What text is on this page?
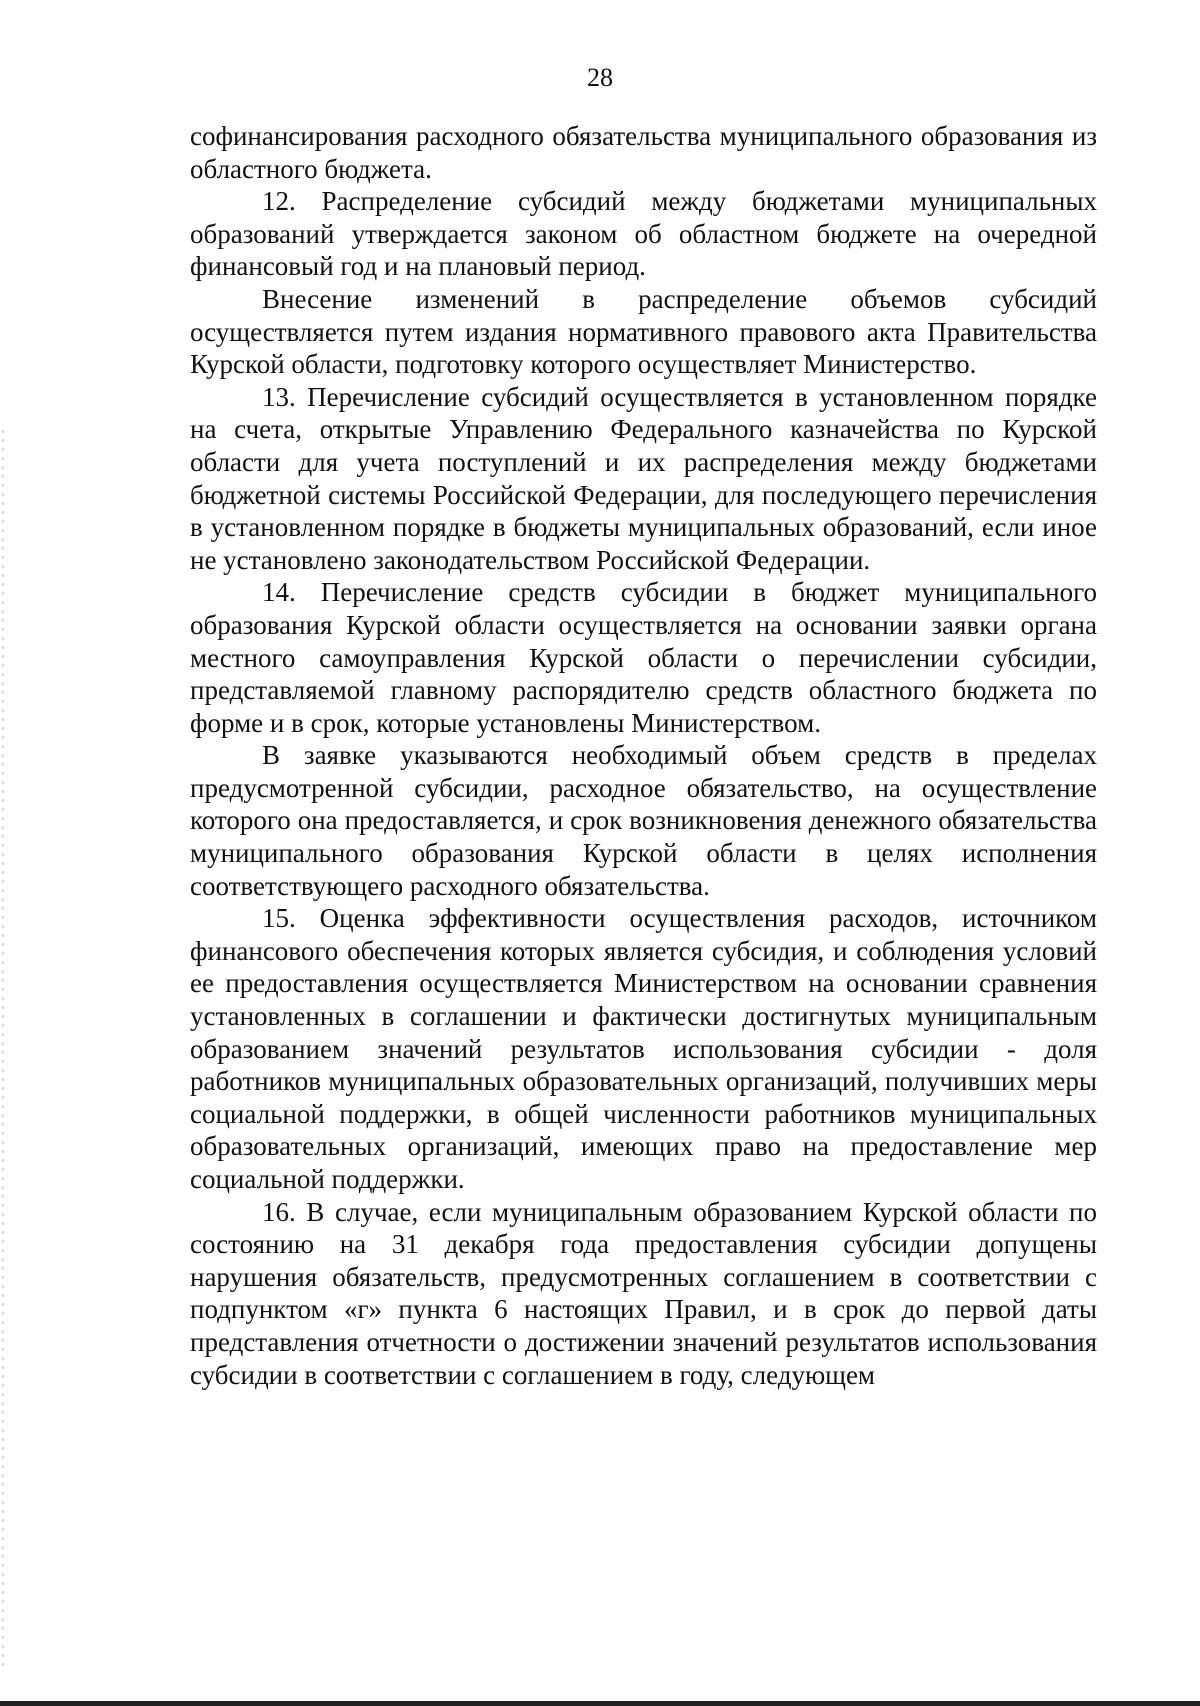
28

софинансирования расходного обязательства муниципального образования из областного бюджета.

12. Распределение субсидий между бюджетами муниципальных образований утверждается законом об областном бюджете на очередной финансовый год и на плановый период.

Внесение изменений в распределение объемов субсидий осуществляется путем издания нормативного правового акта Правительства Курской области, подготовку которого осуществляет Министерство.

13. Перечисление субсидий осуществляется в установленном порядке на счета, открытые Управлению Федерального казначейства по Курской области для учета поступлений и их распределения между бюджетами бюджетной системы Российской Федерации, для последующего перечисления в установленном порядке в бюджеты муниципальных образований, если иное не установлено законодательством Российской Федерации.

14. Перечисление средств субсидии в бюджет муниципального образования Курской области осуществляется на основании заявки органа местного самоуправления Курской области о перечислении субсидии, представляемой главному распорядителю средств областного бюджета по форме и в срок, которые установлены Министерством.

В заявке указываются необходимый объем средств в пределах предусмотренной субсидии, расходное обязательство, на осуществление которого она предоставляется, и срок возникновения денежного обязательства муниципального образования Курской области в целях исполнения соответствующего расходного обязательства.

15. Оценка эффективности осуществления расходов, источником финансового обеспечения которых является субсидия, и соблюдения условий ее предоставления осуществляется Министерством на основании сравнения установленных в соглашении и фактически достигнутых муниципальным образованием значений результатов использования субсидии - доля работников муниципальных образовательных организаций, получивших меры социальной поддержки, в общей численности работников муниципальных образовательных организаций, имеющих право на предоставление мер социальной поддержки.

16. В случае, если муниципальным образованием Курской области по состоянию на 31 декабря года предоставления субсидии допущены нарушения обязательств, предусмотренных соглашением в соответствии с подпунктом «г» пункта 6 настоящих Правил, и в срок до первой даты представления отчетности о достижении значений результатов использования субсидии в соответствии с соглашением в году, следующем
